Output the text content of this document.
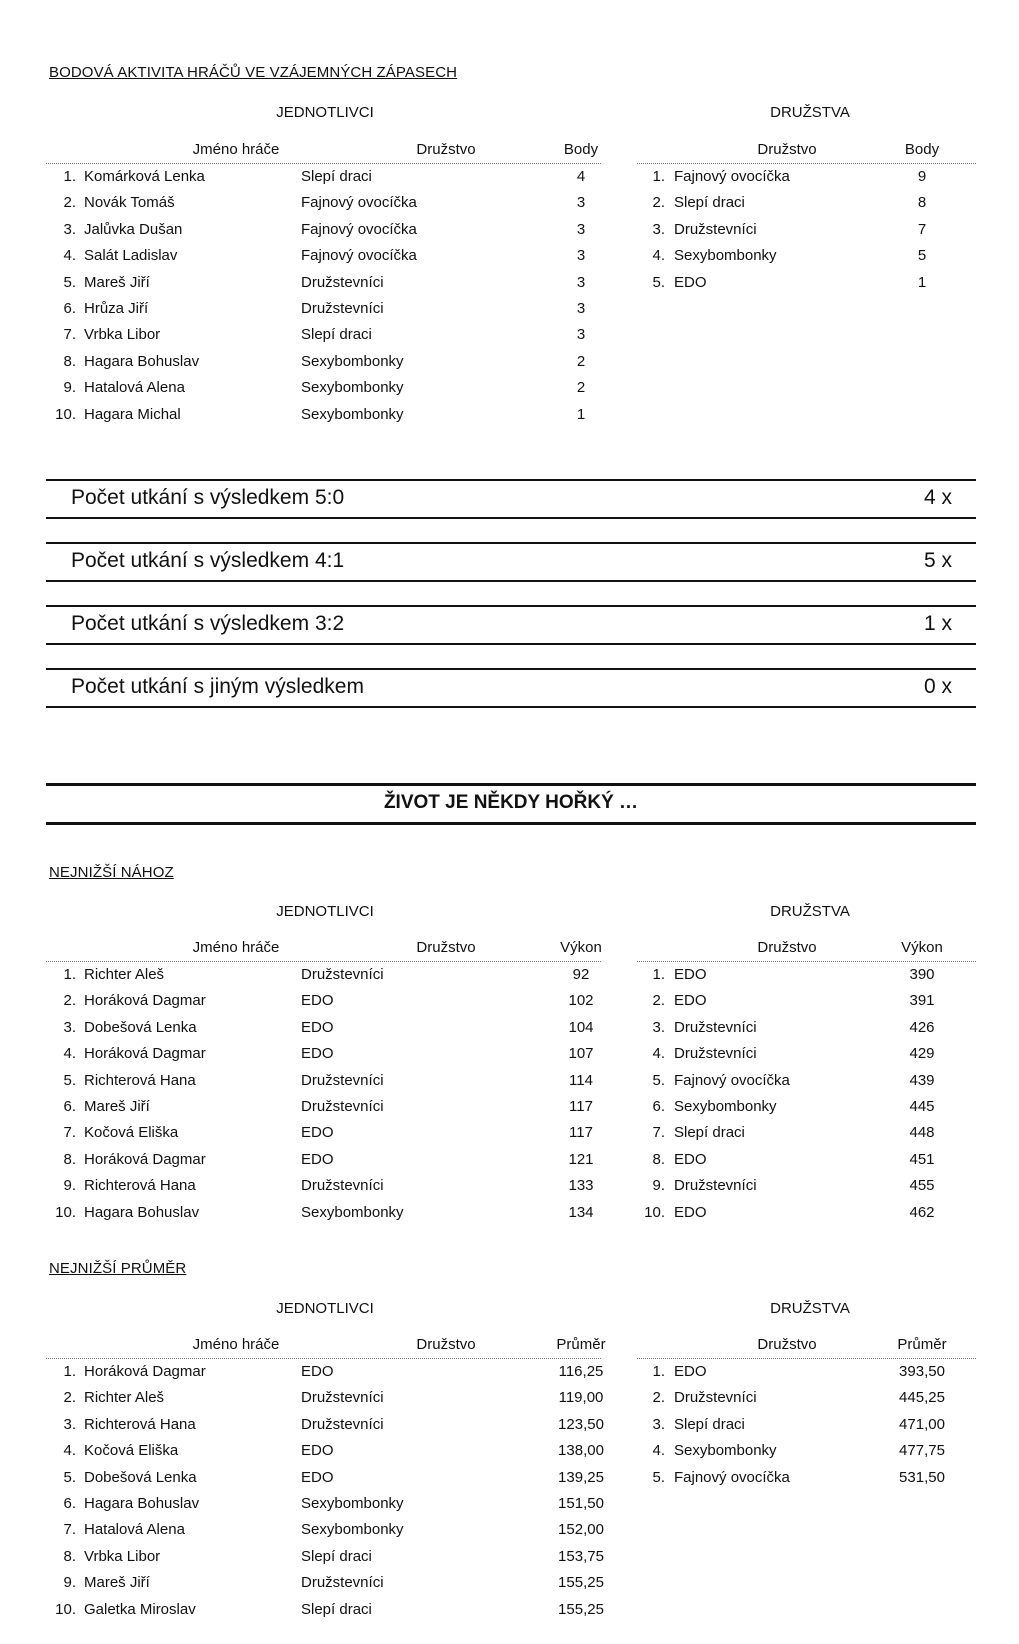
BODOVÁ AKTIVITA HRÁČŮ VE VZÁJEMNÝCH ZÁPASECH
JEDNOTLIVCI	DRUŽSTVA
Jméno hráče	Družstvo	Body
1. Komárková Lenka	Slepí draci	4
2. Novák Tomáš	Fajnový ovocíčka	3
3. Jalůvka Dušan	Fajnový ovocíčka	3
4. Salát Ladislav	Fajnový ovocíčka	3
5. Mareš Jiří	Družstevníci	3
6. Hrůza Jiří	Družstevníci	3
7. Vrbka Libor	Slepí draci	3
8. Hagara Bohuslav	Sexybombonky	2
9. Hatalová Alena	Sexybombonky	2
10. Hagara Michal	Sexybombonky	1
Družstvo	Body
1. Fajnový ovocíčka	9
2. Slepí draci	8
3. Družstevníci	7
4. Sexybombonky	5
5. EDO	1
Počet utkání s výsledkem 5:0	4 x
Počet utkání s výsledkem 4:1	5 x
Počet utkání s výsledkem 3:2	1 x
Počet utkání s jiným výsledkem	0 x
ŽIVOT JE NĚKDY HOŘKÝ …
NEJNIŽŠÍ NÁHOZ
JEDNOTLIVCI	DRUŽSTVA
Jméno hráče	Družstvo	Výkon
1. Richter Aleš	Družstevníci	92
2. Horáková Dagmar	EDO	102
3. Dobešová Lenka	EDO	104
4. Horáková Dagmar	EDO	107
5. Richterová Hana	Družstevníci	114
6. Mareš Jiří	Družstevníci	117
7. Kočová Eliška	EDO	117
8. Horáková Dagmar	EDO	121
9. Richterová Hana	Družstevníci	133
10. Hagara Bohuslav	Sexybombonky	134
Družstvo	Výkon
1. EDO	390
2. EDO	391
3. Družstevníci	426
4. Družstevníci	429
5. Fajnový ovocíčka	439
6. Sexybombonky	445
7. Slepí draci	448
8. EDO	451
9. Družstevníci	455
10. EDO	462
NEJNIŽŠÍ PRŮMĚR
JEDNOTLIVCI	DRUŽSTVA
Jméno hráče	Družstvo	Průměr
1. Horáková Dagmar	EDO	116,25
2. Richter Aleš	Družstevníci	119,00
3. Richterová Hana	Družstevníci	123,50
4. Kočová Eliška	EDO	138,00
5. Dobešová Lenka	EDO	139,25
6. Hagara Bohuslav	Sexybombonky	151,50
7. Hatalová Alena	Sexybombonky	152,00
8. Vrbka Libor	Slepí draci	153,75
9. Mareš Jiří	Družstevníci	155,25
10. Galetka Miroslav	Slepí draci	155,25
Družstvo	Průměr
1. EDO	393,50
2. Družstevníci	445,25
3. Slepí draci	471,00
4. Sexybombonky	477,75
5. Fajnový ovocíčka	531,50
